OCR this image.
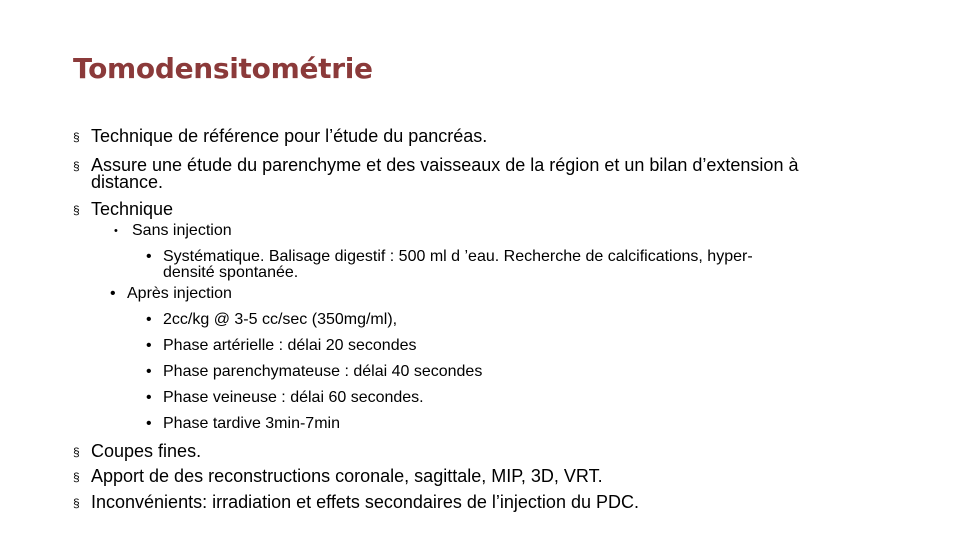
Tomodensitométrie
§ Technique de référence pour l’étude du pancréas.
§ Assure une étude du parenchyme et des vaisseaux de la région et un bilan d’extension à
distance.
§ Technique
• Sans injection
• Systématique. Balisage digestif : 500 ml d ’eau. Recherche de calcifications, hyper-
densité spontanée.
• Après injection
• 2cc/kg @ 3-5 cc/sec (350mg/ml),
• Phase artérielle : délai 20 secondes
• Phase parenchymateuse : délai 40 secondes
• Phase veineuse : délai 60 secondes.
• Phase tardive 3min-7min
§ Coupes fines.
§ Apport de des reconstructions coronale, sagittale, MIP, 3D, VRT.
§ Inconvénients: irradiation et effets secondaires de l’injection du PDC.
